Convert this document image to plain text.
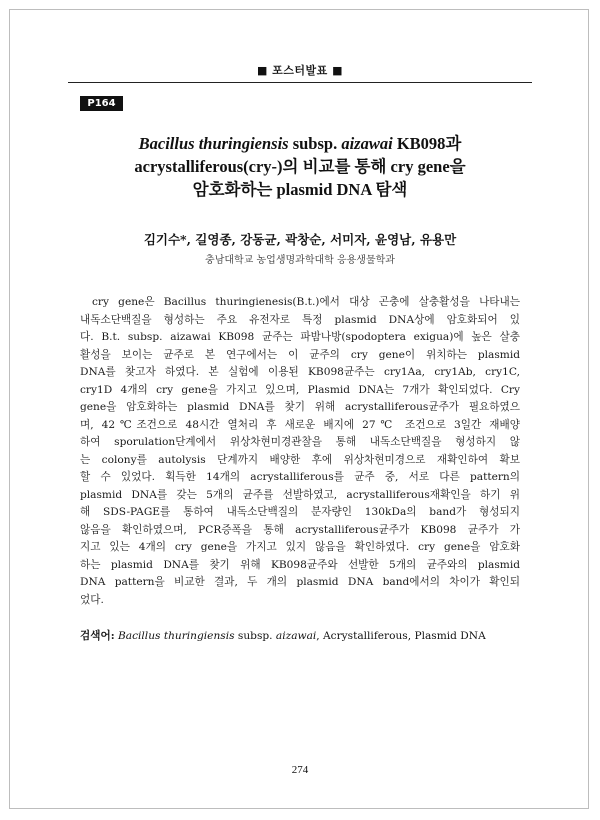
■ 포스터발표 ■
P164
Bacillus thuringiensis subsp. aizawai KB098과
acrystalliferous(cry-)의 비교를 통해 cry gene을
암호화하는 plasmid DNA 탐색
김기수*, 길영종, 강동균, 곽창순, 서미자, 윤영남, 유용만
충남대학교 농업생명과학대학 응용생물학과
cry gene은 Bacillus thuringienesis(B.t.)에서 대상 곤충에 살충활성을 나타내는
내독소단백질을 형성하는 주요 유전자로 특정 plasmid DNA상에 암호화되어 있
다. B.t. subsp. aizawai KB098 균주는 파밤나방(spodoptera exigua)에 높은 살충
활성을 보이는 균주로 본 연구에서는 이 균주의 cry gene이 위치하는 plasmid
DNA를 찾고자 하였다. 본 실험에 이용된 KB098균주는 cry1Aa, cry1Ab, cry1C,
cry1D 4개의 cry gene을 가지고 있으며, Plasmid DNA는 7개가 확인되었다. Cry
gene을 암호화하는 plasmid DNA를 찾기 위해 acrystalliferous균주가 필요하였으
며, 42℃조건으로 48시간 열처리 후 새로운 배지에 27℃ 조건으로 3일간 재배양
하여 sporulation단계에서 위상차현미경관찰을 통해 내독소단백질을 형성하지 않
는 colony를 autolysis 단계까지 배양한 후에 위상차현미경으로 재확인하여 확보
할 수 있었다. 획득한 14개의 acrystalliferous를 균주 중, 서로 다른 pattern의
plasmid DNA를 갖는 5개의 균주를 선발하였고, acrystalliferous재확인을 하기 위
해 SDS-PAGE를 통하여 내독소단백질의 분자량인 130kDa의 band가 형성되지
않음을 확인하였으며, PCR증폭을 통해 acrystalliferous균주가 KB098 균주가 가
지고 있는 4개의 cry gene을 가지고 있지 않음을 확인하였다. cry gene을 암호화
하는 plasmid DNA를 찾기 위해 KB098균주와 선발한 5개의 균주와의 plasmid
DNA pattern을 비교한 결과, 두 개의 plasmid DNA band에서의 차이가 확인되
었다.
검색어: Bacillus thuringiensis subsp. aizawai, Acrystalliferous, Plasmid DNA
274
